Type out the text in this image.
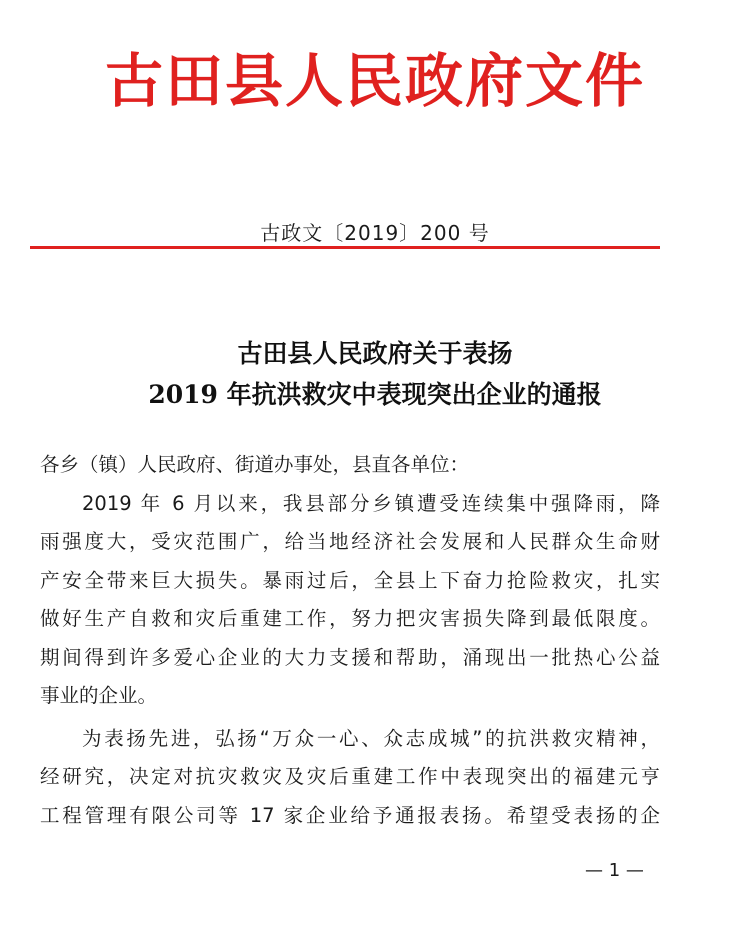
古田县人民政府文件
古政文〔2019〕200 号
古田县人民政府关于表扬
2019 年抗洪救灾中表现突出企业的通报
各乡（镇）人民政府、街道办事处，县直各单位：
2019 年 6 月以来，我县部分乡镇遭受连续集中强降雨，降
雨强度大，受灾范围广，给当地经济社会发展和人民群众生命财
产安全带来巨大损失。暴雨过后，全县上下奋力抢险救灾，扎实
做好生产自救和灾后重建工作，努力把灾害损失降到最低限度。
期间得到许多爱心企业的大力支援和帮助，涌现出一批热心公益
事业的企业。
为表扬先进，弘扬“万众一心、众志成城”的抗洪救灾精神，
经研究，决定对抗灾救灾及灾后重建工作中表现突出的福建元亨
工程管理有限公司等 17 家企业给予通报表扬。希望受表扬的企
— 1 —
